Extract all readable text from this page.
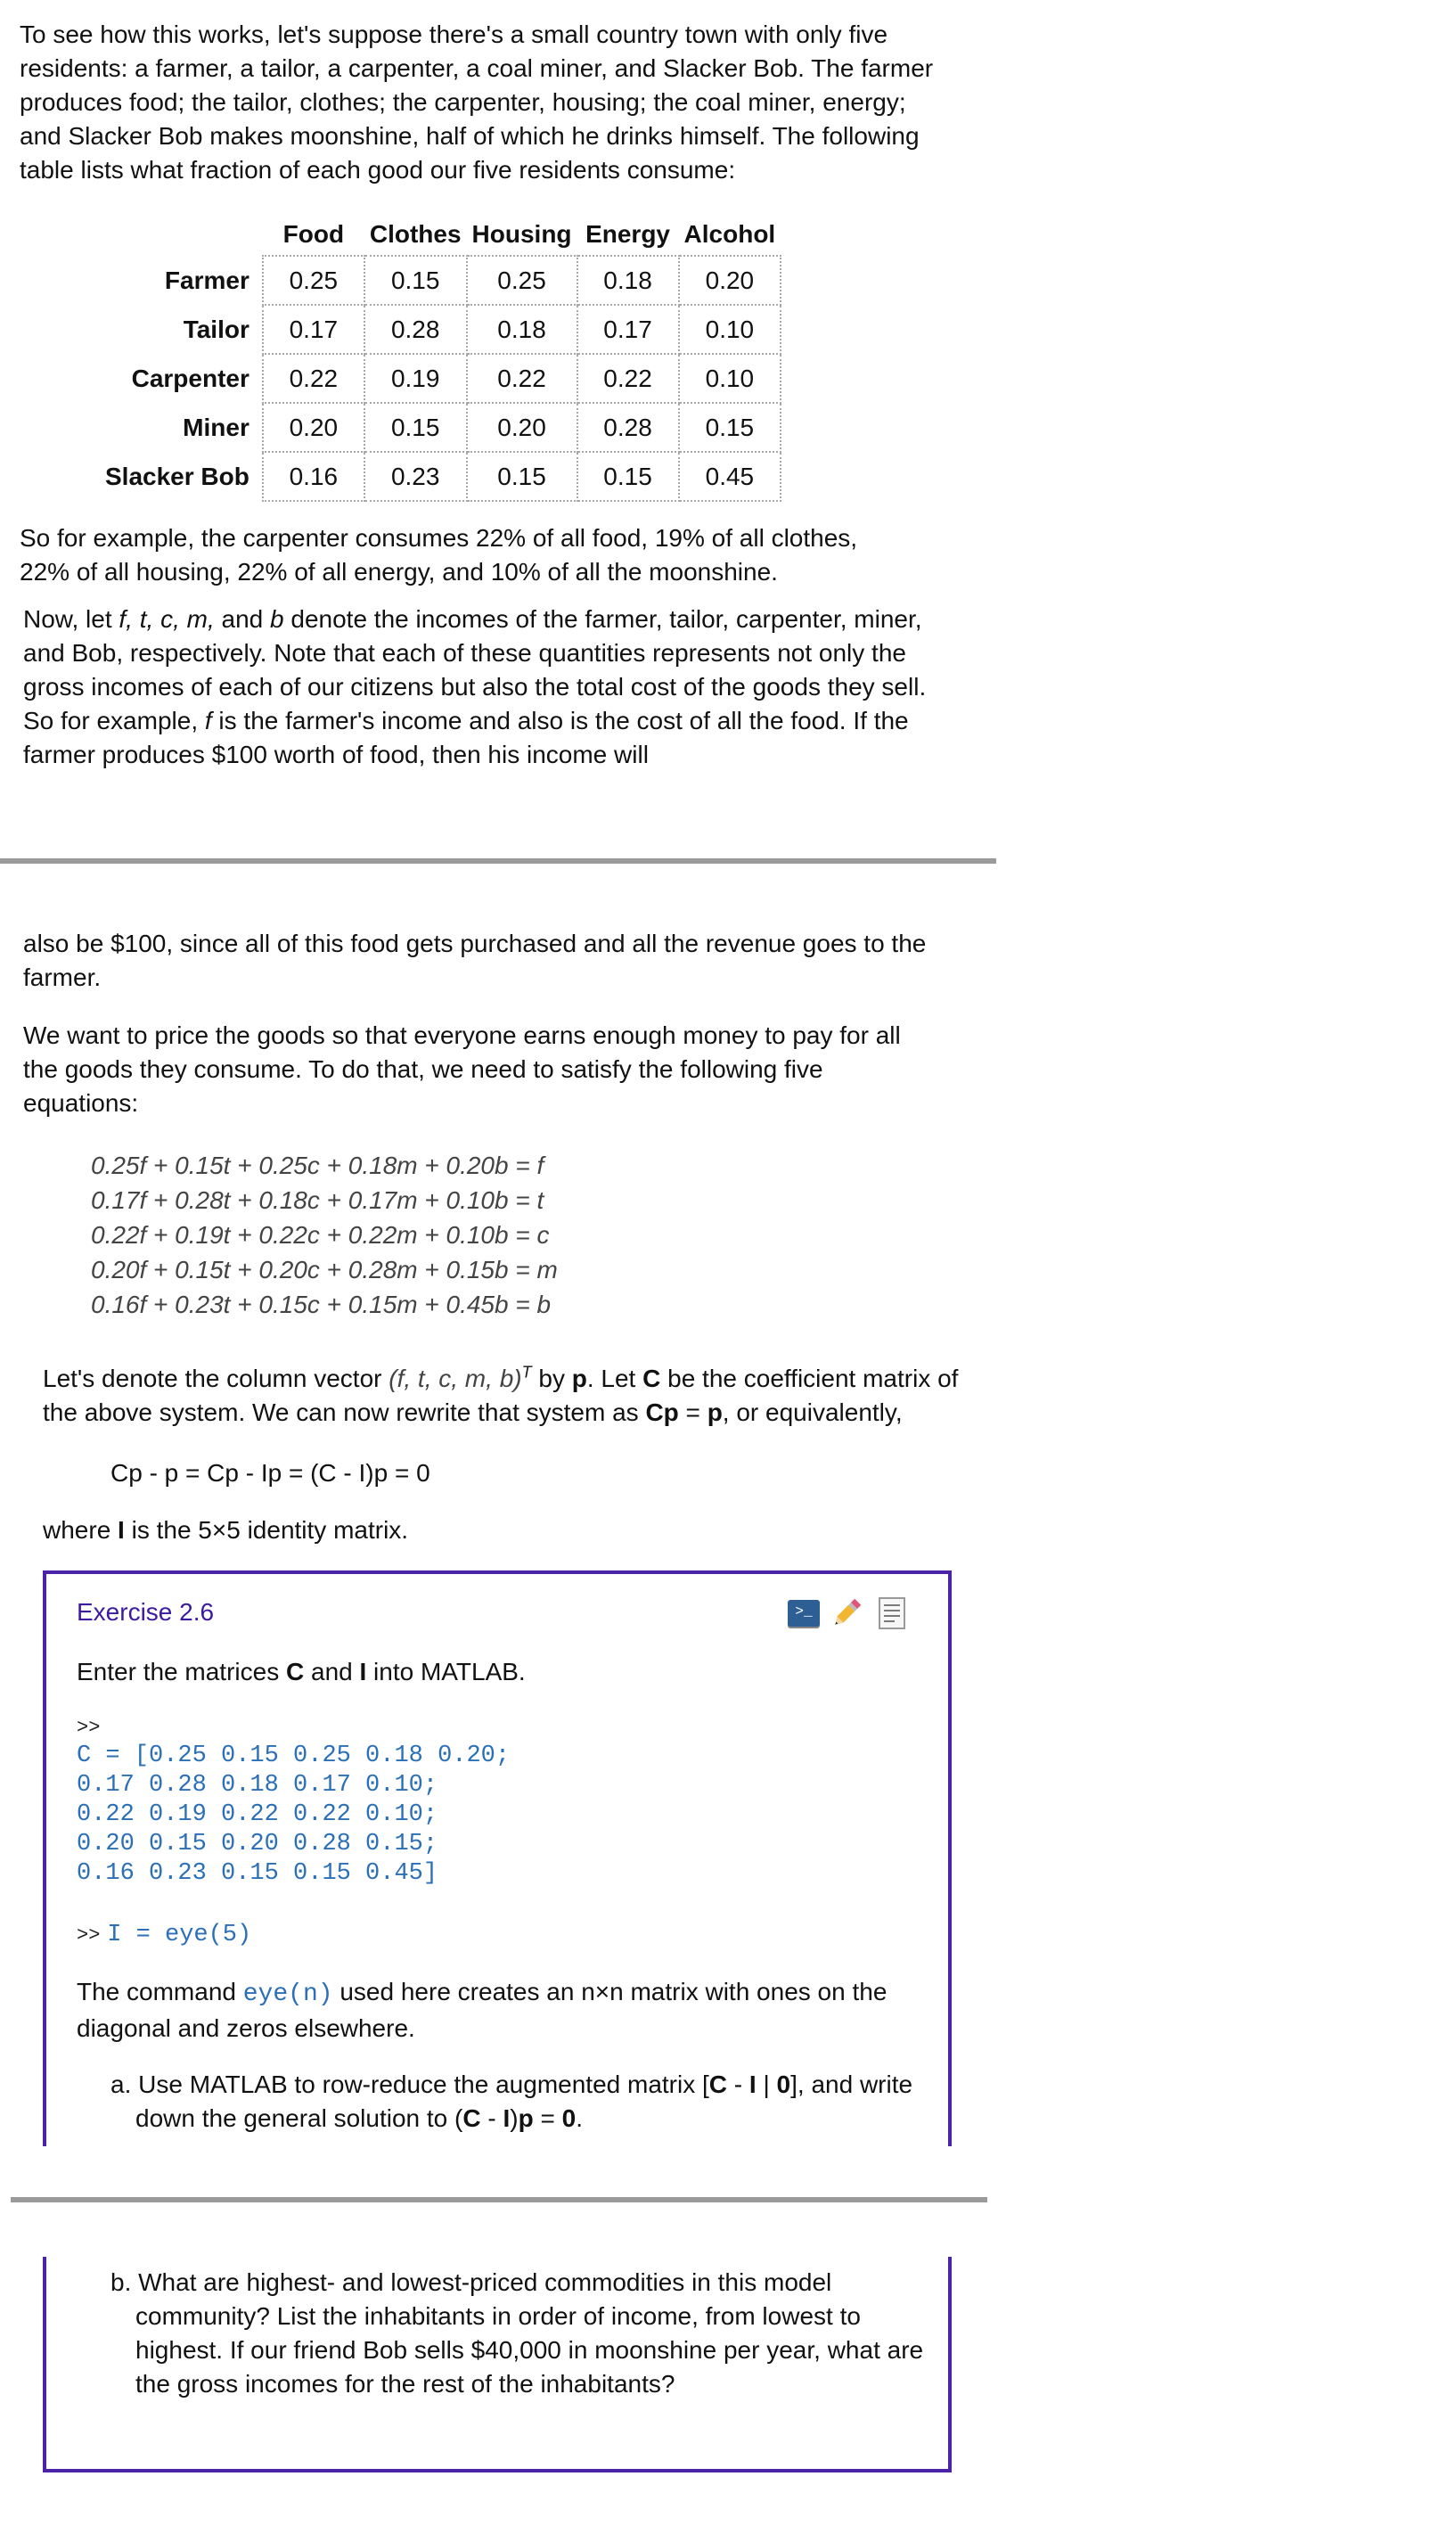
To see how this works, let's suppose there's a small country town with only five residents: a farmer, a tailor, a carpenter, a coal miner, and Slacker Bob. The farmer produces food; the tailor, clothes; the carpenter, housing; the coal miner, energy; and Slacker Bob makes moonshine, half of which he drinks himself. The following table lists what fraction of each good our five residents consume:

	Food	Clothes	Housing	Energy	Alcohol
Farmer	0.25	0.15	0.25	0.18	0.20
Tailor	0.17	0.28	0.18	0.17	0.10
Carpenter	0.22	0.19	0.22	0.22	0.10
Miner	0.20	0.15	0.20	0.28	0.15
Slacker Bob	0.16	0.23	0.15	0.15	0.45

So for example, the carpenter consumes 22% of all food, 19% of all clothes, 22% of all housing, 22% of all energy, and 10% of all the moonshine.

Now, let f, t, c, m, and b denote the incomes of the farmer, tailor, carpenter, miner, and Bob, respectively. Note that each of these quantities represents not only the gross incomes of each of our citizens but also the total cost of the goods they sell. So for example, f is the farmer's income and also is the cost of all the food. If the farmer produces $100 worth of food, then his income will

also be $100, since all of this food gets purchased and all the revenue goes to the farmer.

We want to price the goods so that everyone earns enough money to pay for all the goods they consume. To do that, we need to satisfy the following five equations:

0.25f + 0.15t + 0.25c + 0.18m + 0.20b = f
0.17f + 0.28t + 0.18c + 0.17m + 0.10b = t
0.22f + 0.19t + 0.22c + 0.22m + 0.10b = c
0.20f + 0.15t + 0.20c + 0.28m + 0.15b = m
0.16f + 0.23t + 0.15c + 0.15m + 0.45b = b

Let's denote the column vector (f, t, c, m, b)$^T$ by p. Let C be the coefficient matrix of the above system. We can now rewrite that system as Cp = p, or equivalently,

Cp - p = Cp - Ip = (C - I)p = 0

where I is the 5×5 identity matrix.

Exercise 2.6	>_

Enter the matrices C and I into MATLAB.

>>
C = [0.25 0.15 0.25 0.18 0.20;
0.17 0.28 0.18 0.17 0.10;
0.22 0.19 0.22 0.22 0.10;
0.20 0.15 0.20 0.28 0.15;
0.16 0.23 0.15 0.15 0.45]
>> I = eye(5)

The command eye(n) used here creates an n×n matrix with ones on the diagonal and zeros elsewhere.

a. Use MATLAB to row-reduce the augmented matrix [C - I | 0], and write down the general solution to (C - I)p = 0.

b. What are highest- and lowest-priced commodities in this model community? List the inhabitants in order of income, from lowest to highest. If our friend Bob sells $40,000 in moonshine per year, what are the gross incomes for the rest of the inhabitants?
